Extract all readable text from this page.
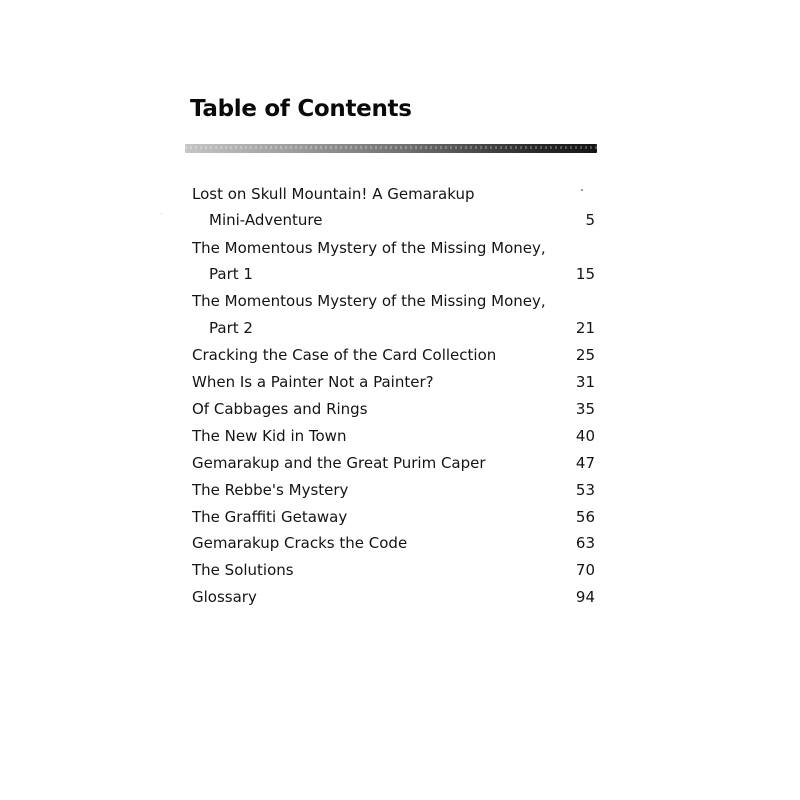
Table of Contents
Lost on Skull Mountain! A Gemarakup
Mini-Adventure	5
The Momentous Mystery of the Missing Money,
Part 1	15
The Momentous Mystery of the Missing Money,
Part 2	21
Cracking the Case of the Card Collection	25
When Is a Painter Not a Painter?	31
Of Cabbages and Rings	35
The New Kid in Town	40
Gemarakup and the Great Purim Caper	47
The Rebbe's Mystery	53
The Graffiti Getaway	56
Gemarakup Cracks the Code	63
The Solutions	70
Glossary	94
